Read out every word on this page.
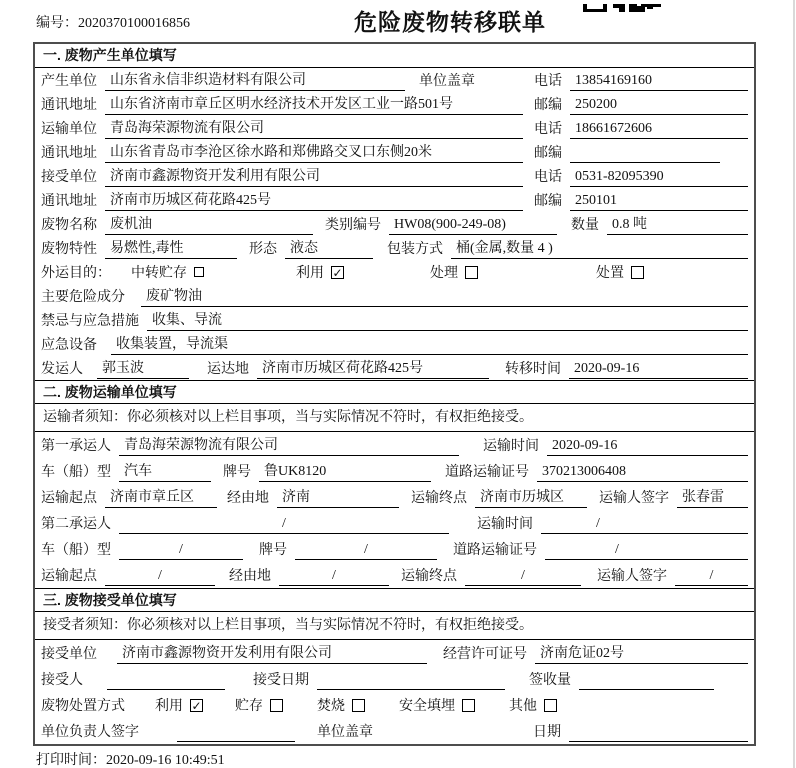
编号：2020370100016856	危险废物转移联单
一. 废物产生单位填写
产生单位 山东省永信非织造材料有限公司	单位盖章	电话 13854169160
通讯地址 山东省济南市章丘区明水经济技术开发区工业一路501号	邮编 250200
运输单位 青岛海荣源物流有限公司	电话 18661672606
通讯地址 山东省青岛市李沧区徐水路和郑佛路交叉口东侧20米	邮编
接受单位 济南市鑫源物资开发利用有限公司	电话 0531-82095390
通讯地址 济南市历城区荷花路425号	邮编 250101
废物名称 废机油	类别编号 HW08(900-249-08)	数量 0.8 吨
废物特性 易燃性,毒性	形态 液态	包装方式 桶(金属,数量 4 )
外运目的： 中转贮存	利用 ✓	处理	处置
主要危险成分	废矿物油
禁忌与应急措施 收集、导流
应急设备	收集装置，导流渠
发运人	郭玉波	运达地 济南市历城区荷花路425号	转移时间 2020-09-16
二. 废物运输单位填写
运输者须知：你必须核对以上栏目事项，当与实际情况不符时，有权拒绝接受。
第一承运人 青岛海荣源物流有限公司	运输时间 2020-09-16
车（船）型 汽车	牌号 鲁UK8120	道路运输证号 370213006408
运输起点 济南市章丘区	经由地 济南	运输终点 济南市历城区	运输人签字 张春雷
第二承运人	/	运输时间	/
车（船）型	/	牌号	/	道路运输证号	/
运输起点	/	经由地	/	运输终点	/	运输人签字	/
三. 废物接受单位填写
接受者须知：你必须核对以上栏目事项，当与实际情况不符时，有权拒绝接受。
接受单位	济南市鑫源物资开发利用有限公司	经营许可证号 济南危证02号
接受人	接受日期	签收量
废物处置方式 利用 ✓ 贮存	焚烧	安全填埋	其他
单位负责人签字	单位盖章	日期
打印时间：2020-09-16 10:49:51
